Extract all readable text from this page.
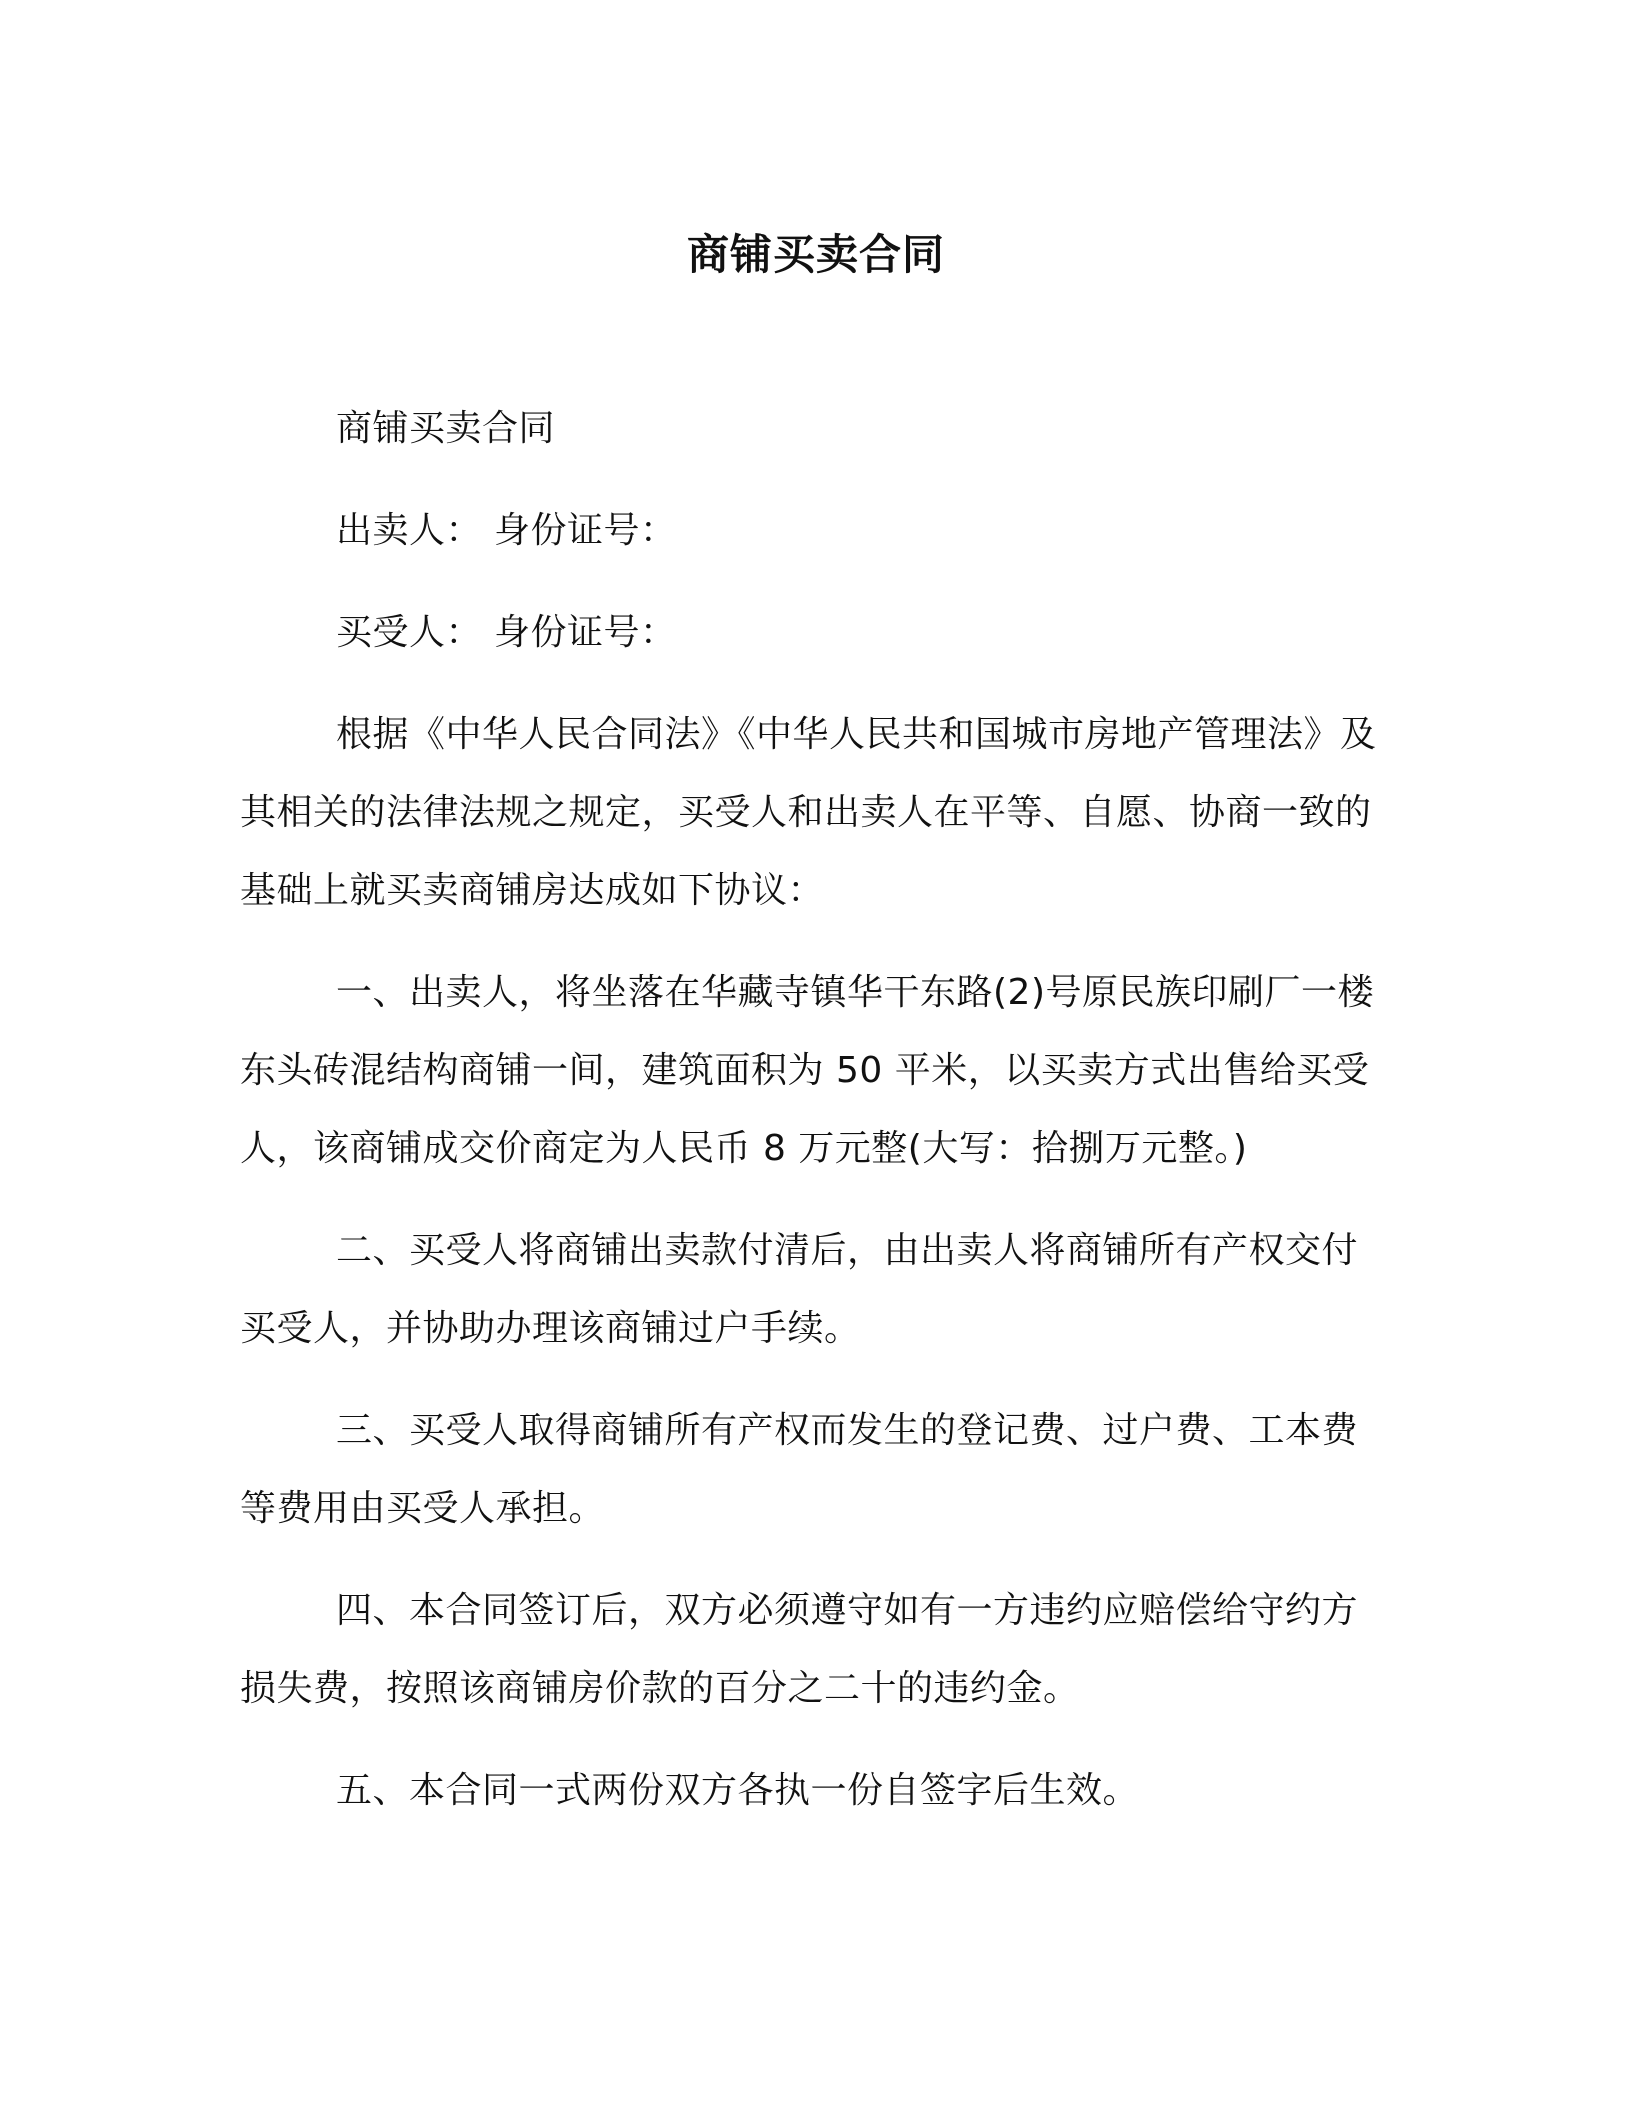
商铺买卖合同

商铺买卖合同

出卖人： 身份证号：

买受人： 身份证号：

根据《中华人民合同法》《中华人民共和国城市房地产管理法》及其相关的法律法规之规定，买受人和出卖人在平等、自愿、协商一致的基础上就买卖商铺房达成如下协议：

一、出卖人，将坐落在华藏寺镇华干东路(2)号原民族印刷厂一楼东头砖混结构商铺一间，建筑面积为 50 平米，以买卖方式出售给买受人，该商铺成交价商定为人民币 8 万元整(大写：拾捌万元整。)

二、买受人将商铺出卖款付清后，由出卖人将商铺所有产权交付买受人，并协助办理该商铺过户手续。

三、买受人取得商铺所有产权而发生的登记费、过户费、工本费等费用由买受人承担。

四、本合同签订后，双方必须遵守如有一方违约应赔偿给守约方损失费，按照该商铺房价款的百分之二十的违约金。

五、本合同一式两份双方各执一份自签字后生效。
